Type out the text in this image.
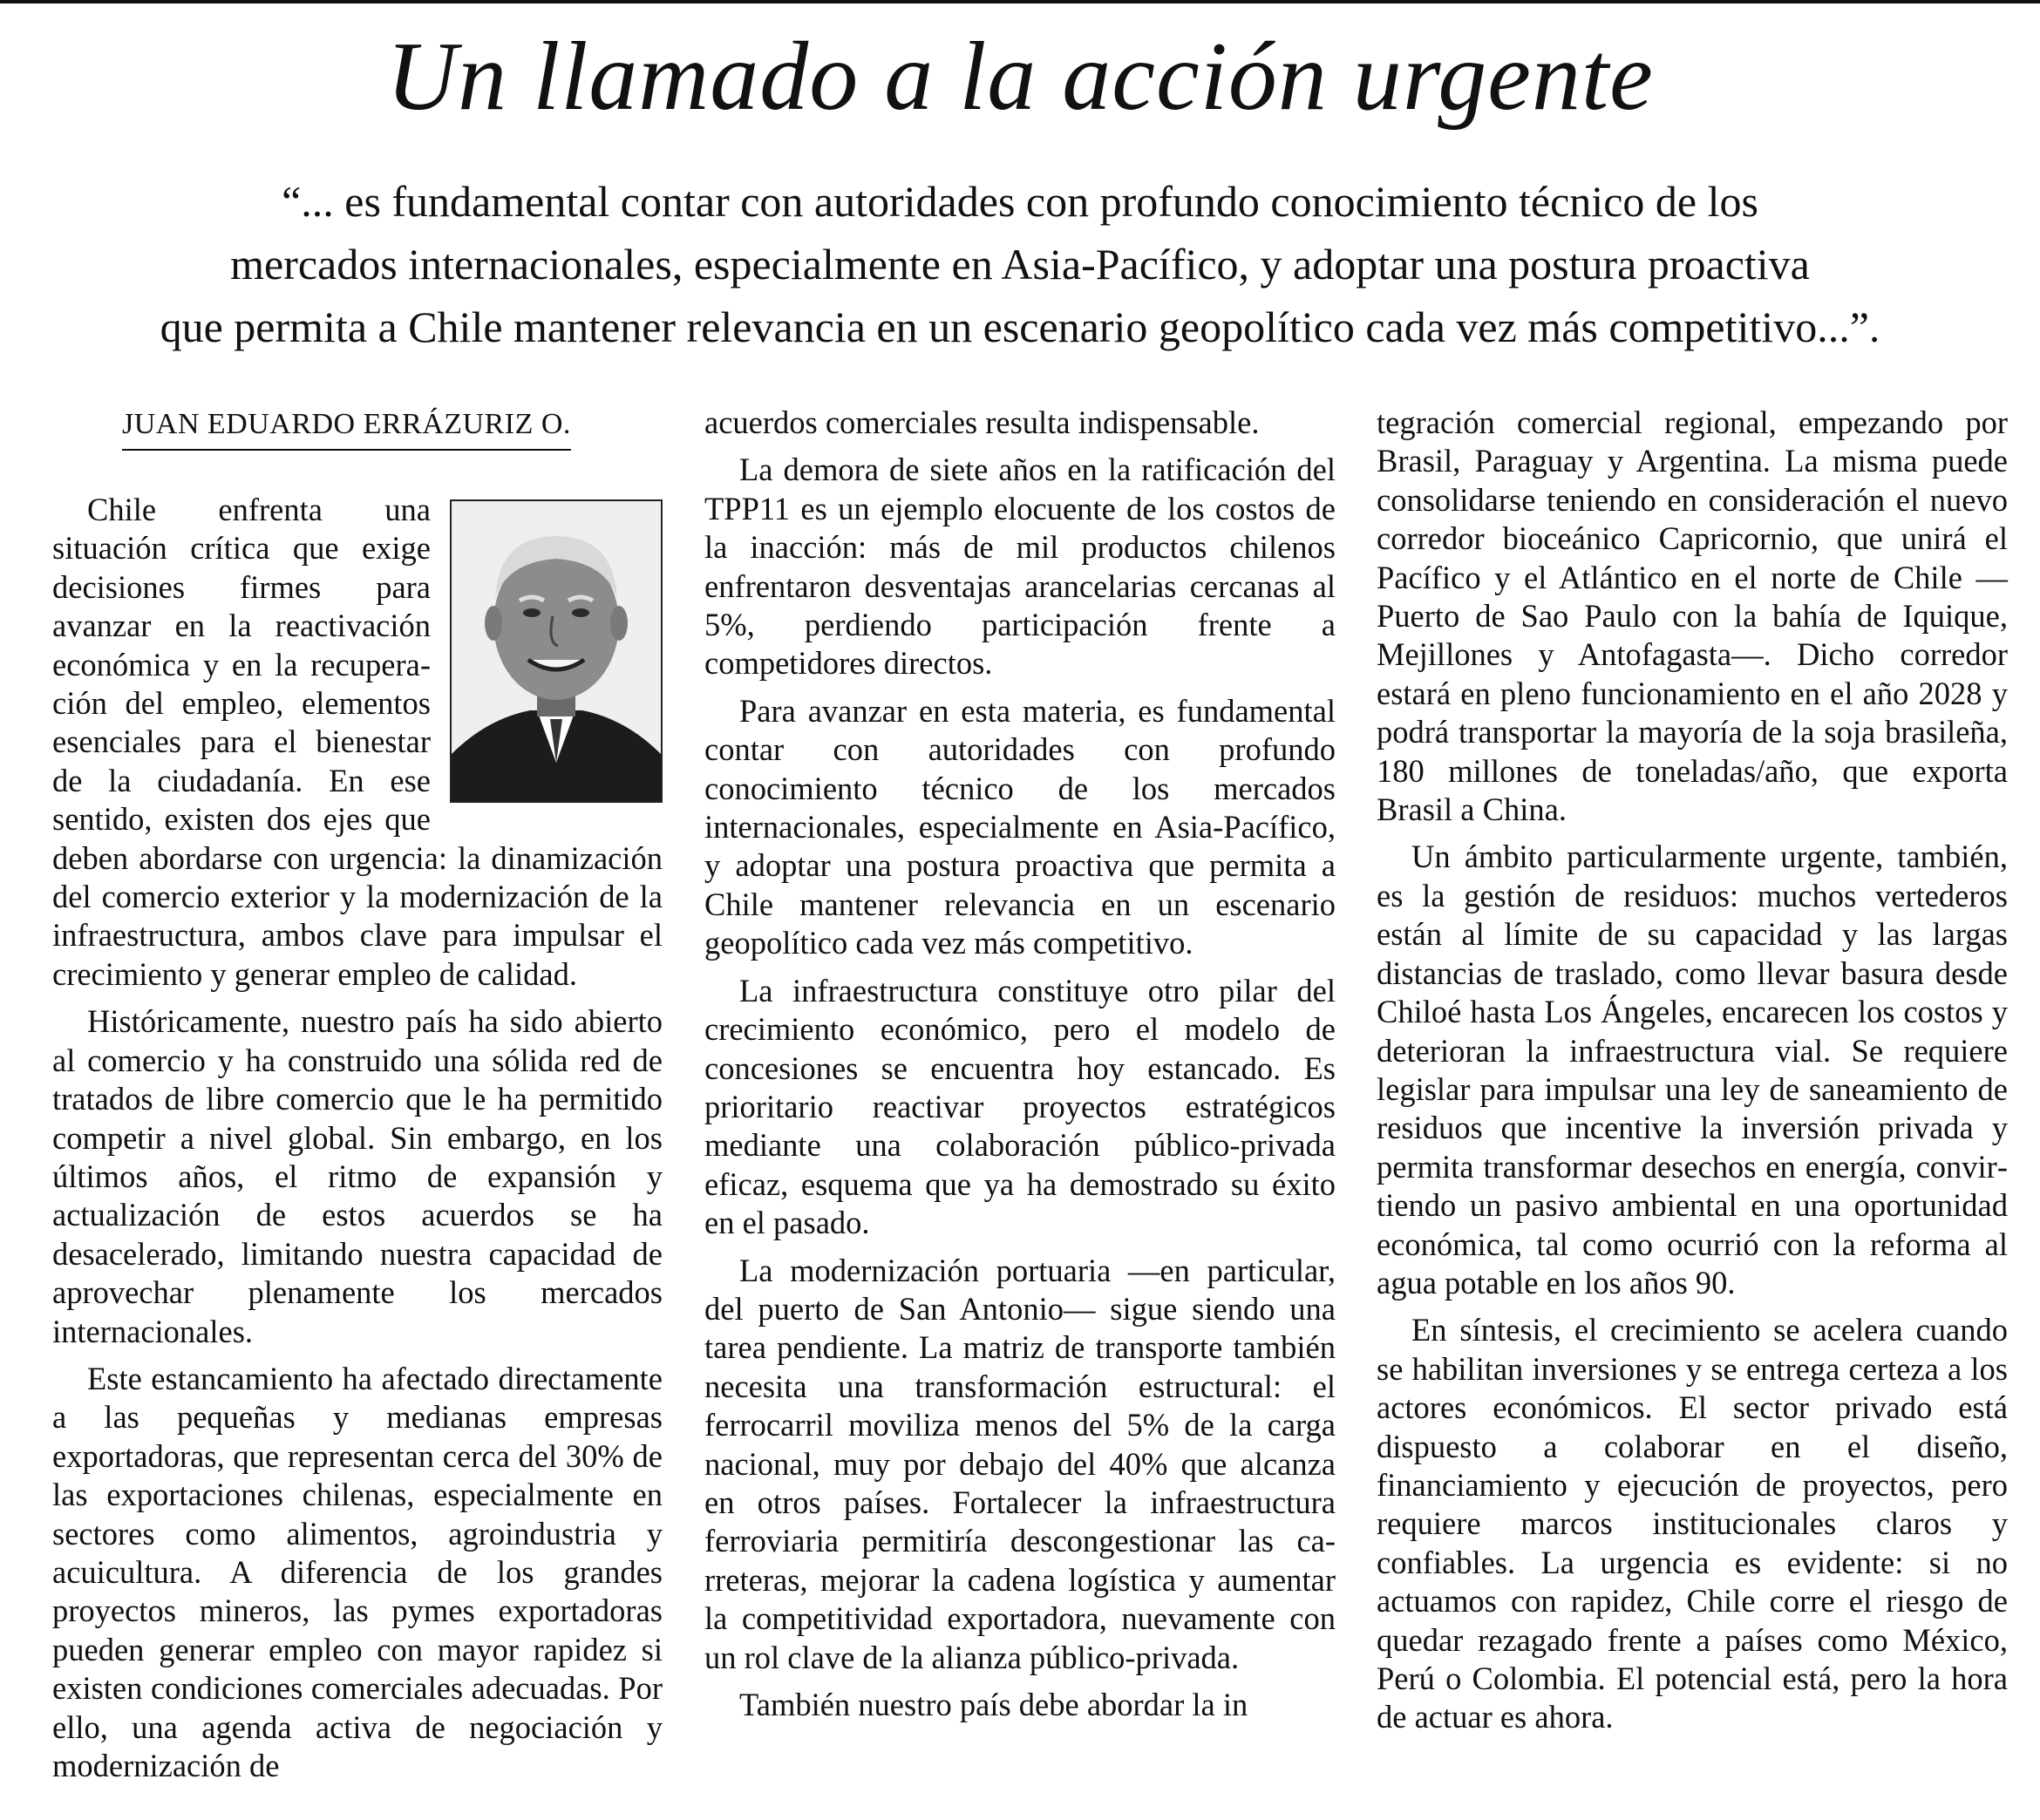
Un llamado a la acción urgente
“... es fundamental contar con autoridades con profundo conocimiento técnico de los
mercados internacionales, especialmente en Asia-Pacífico, y adoptar una postura proactiva
que permita a Chile mantener relevancia en un escenario geopolítico cada vez más competitivo...”.
JUAN EDUARDO ERRÁZURIZ O.

Chile enfrenta una situación crítica que exige decisiones firmes para avanzar en la reactivación económica y en la recuperación del empleo, elementos esenciales para el bienestar de la ciudadanía. En ese sentido, existen dos ejes que deben abordarse con urgencia: la dinamización del comercio exterior y la modernización de la infraestructura, ambos clave para impulsar el crecimiento y generar empleo de calidad.

Históricamente, nuestro país ha sido abierto al comercio y ha construido una sólida red de tratados de libre comercio que le ha permitido competir a nivel global. Sin embargo, en los últimos años, el ritmo de expansión y actualización de estos acuerdos se ha desacelerado, limitando nuestra capacidad de aprovechar plenamente los mercados internacionales.

Este estancamiento ha afectado directamente a las pequeñas y medianas empresas exportadoras, que representan cerca del 30% de las exportaciones chilenas, especialmente en sectores como alimentos, agroindustria y acuicultura. A diferencia de los grandes proyectos mineros, las pymes exportadoras pueden generar empleo con mayor rapidez si existen condiciones comerciales adecuadas. Por ello, una agenda activa de negociación y modernización de

acuerdos comerciales resulta indispensable.

La demora de siete años en la ratificación del TPP11 es un ejemplo elocuente de los costos de la inacción: más de mil productos chilenos enfrentaron desventajas arancelarias cercanas al 5%, perdiendo participación frente a competidores directos.

Para avanzar en esta materia, es fundamental contar con autoridades con profundo conocimiento técnico de los mercados internacionales, especialmente en Asia-Pacífico, y adoptar una postura proactiva que permita a Chile mantener relevancia en un escenario geopolítico cada vez más competitivo.

La infraestructura constituye otro pilar del crecimiento económico, pero el modelo de concesiones se encuentra hoy estancado. Es prioritario reactivar proyectos estratégicos mediante una colaboración público-privada eficaz, esquema que ya ha demostrado su éxito en el pasado.

La modernización portuaria —en particular, del puerto de San Antonio— sigue siendo una tarea pendiente. La matriz de transporte también necesita una transformación estructural: el ferrocarril moviliza menos del 5% de la carga nacional, muy por debajo del 40% que alcanza en otros países. Fortalecer la infraestructura ferroviaria permitiría descongestionar las carreteras, mejorar la cadena logística y aumentar la competitividad exportadora, nuevamente con un rol clave de la alianza público-privada.

También nuestro país debe abordar la in

tegración comercial regional, empezando por Brasil, Paraguay y Argentina. La misma puede consolidarse teniendo en consideración el nuevo corredor bioceánico Capricornio, que unirá el Pacífico y el Atlántico en el norte de Chile —Puerto de Sao Paulo con la bahía de Iquique, Mejillones y Antofagasta—. Dicho corredor estará en pleno funcionamiento en el año 2028 y podrá transportar la mayoría de la soja brasileña, 180 millones de toneladas/año, que exporta Brasil a China.

Un ámbito particularmente urgente, también, es la gestión de residuos: muchos vertederos están al límite de su capacidad y las largas distancias de traslado, como llevar basura desde Chiloé hasta Los Ángeles, encarecen los costos y deterioran la infraestructura vial. Se requiere legislar para impulsar una ley de saneamiento de residuos que incentive la inversión privada y permita transformar desechos en energía, convirtiendo un pasivo ambiental en una oportunidad económica, tal como ocurrió con la reforma al agua potable en los años 90.

En síntesis, el crecimiento se acelera cuando se habilitan inversiones y se entrega certeza a los actores económicos. El sector privado está dispuesto a colaborar en el diseño, financiamiento y ejecución de proyectos, pero requiere marcos institucionales claros y confiables. La urgencia es evidente: si no actuamos con rapidez, Chile corre el riesgo de quedar rezagado frente a países como México, Perú o Colombia. El potencial está, pero la hora de actuar es ahora.
